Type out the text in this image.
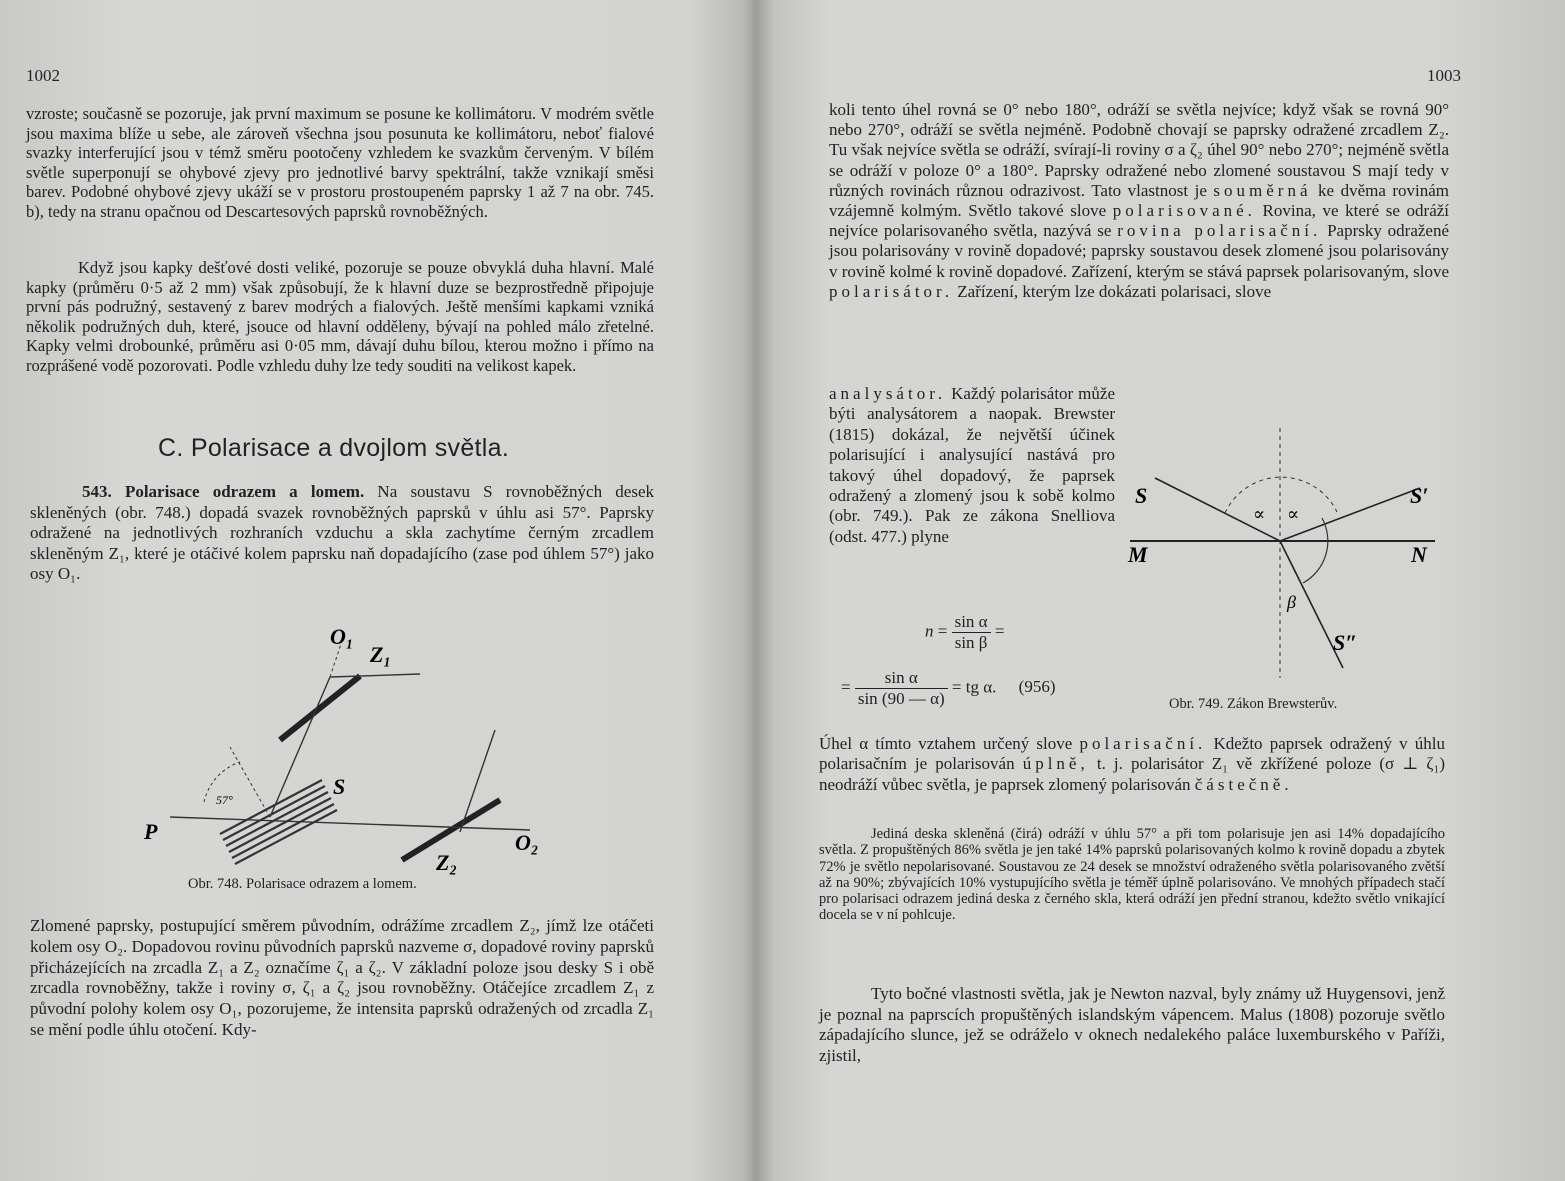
1002

vzroste; současně se pozoruje, jak první maximum se posune ke kollimátoru. V modrém světle jsou maxima blíže u sebe, ale zároveň všechna jsou posunuta ke kollimátoru, neboť fialové svazky interferující jsou v témž směru pootočeny vzhledem ke svazkům červeným. V bílém světle superponují se ohybové zjevy pro jednotlivé barvy spektrální, takže vznikají směsi barev. Podobné ohybové zjevy ukáží se v prostoru prostoupeném paprsky 1 až 7 na obr. 745. b), tedy na stranu opačnou od Descartesových paprsků rovnoběžných.

Když jsou kapky dešťové dosti veliké, pozoruje se pouze obvyklá duha hlavní. Malé kapky (průměru 0·5 až 2 mm) však způsobují, že k hlavní duze se bezprostředně připojuje první pás podružný, sestavený z barev modrých a fialových. Ještě menšími kapkami vzniká několik podružných duh, které, jsouce od hlavní odděleny, bývají na pohled málo zřetelné. Kapky velmi drobounké, průměru asi 0·05 mm, dávají duhu bílou, kterou možno i přímo na rozprášené vodě pozorovati. Podle vzhledu duhy lze tedy souditi na velikost kapek.

C. Polarisace a dvojlom světla.

543. Polarisace odrazem a lomem. Na soustavu S rovnoběžných desek skleněných (obr. 748.) dopadá svazek rovnoběžných paprsků v úhlu asi 57°. Paprsky odražené na jednotlivých rozhraních vzduchu a skla zachytíme černým zrcadlem skleněným Z₁, které je otáčivé kolem paprsku naň dopadajícího (zase pod úhlem 57°) jako osy O₁.

O₁
Z₁
S
57°
P
Z₂
O₂
Obr. 748. Polarisace odrazem a lomem.

Zlomené paprsky, postupující směrem původním, odrážíme zrcadlem Z₂, jímž lze otáčeti kolem osy O₂. Dopadovou rovinu původních paprsků nazveme σ, dopadové roviny paprsků přicházejících na zrcadla Z₁ a Z₂ označíme ζ₁ a ζ₂. V základní poloze jsou desky S i obě zrcadla rovnoběžny, takže i roviny σ, ζ₁ a ζ₂ jsou rovnoběžny. Otáčejíce zrcadlem Z₁ z původní polohy kolem osy O₁, pozorujeme, že intensita paprsků odražených od zrcadla Z₁ se mění podle úhlu otočení. Kdy-

1003

koli tento úhel rovná se 0° nebo 180°, odráží se světla nejvíce; když však se rovná 90° nebo 270°, odráží se světla nejméně. Podobně chovají se paprsky odražené zrcadlem Z₂. Tu však nejvíce světla se odráží, svírají-li roviny σ a ζ₂ úhel 90° nebo 270°; nejméně světla se odráží v poloze 0° a 180°. Paprsky odražené nebo zlomené soustavou S mají tedy v různých rovinách různou odrazivost. Tato vlastnost je souměrná ke dvěma rovinám vzájemně kolmým. Světlo takové slove polarisované. Rovina, ve které se odráží nejvíce polarisovaného světla, nazývá se rovina polarisační. Paprsky odražené jsou polarisovány v rovině dopadové; paprsky soustavou desek zlomené jsou polarisovány v rovině kolmé k rovině dopadové. Zařízení, kterým se stává paprsek polarisovaným, slove polarisátor. Zařízení, kterým lze dokázati polarisaci, slove

analysátor. Každý polarisátor může býti analysátorem a naopak. Brewster (1815) dokázal, že největší účinek polarisující i analysující nastává pro takový úhel dopadový, že paprsek odražený a zlomený jsou k sobě kolmo (obr. 749.). Pak ze zákona Snelliova (odst. 477.) plyne

$n = \frac{\text{sin α}}{\text{sin β}}$ =
= $\frac{\text{sin α}}{\sin (90 — \alpha)}$ = tg α. (956)
S	S′
M	N
∝ ∝
β
S″
Obr. 749. Zákon Brewsterův.

Úhel α tímto vztahem určený slove polarisační. Kdežto paprsek odražený v úhlu polarisačním je polarisován úplně, t. j. polarisátor Z₁ vě zkřížené poloze (σ ⊥ ζ₁) neodráží vůbec světla, je paprsek zlomený polarisován částečně.

Jediná deska skleněná (čirá) odráží v úhlu 57° a při tom polarisuje jen asi 14% dopadajícího světla. Z propuštěných 86% světla je jen také 14% paprsků polarisovaných kolmo k rovině dopadu a zbytek 72% je světlo nepolarisované. Soustavou ze 24 desek se množství odraženého světla polarisovaného zvětší až na 90%; zbývajících 10% vystupujícího světla je téměř úplně polarisováno. Ve mnohých případech stačí pro polarisaci odrazem jediná deska z černého skla, která odráží jen přední stranou, kdežto světlo vnikající docela se v ní pohlcuje.

Tyto bočné vlastnosti světla, jak je Newton nazval, byly známy už Huygensovi, jenž je poznal na paprscích propuštěných islandským vápencem. Malus (1808) pozoruje světlo západajícího slunce, jež se odráželo v oknech nedalekého paláce luxemburského v Paříži, zjistil,
